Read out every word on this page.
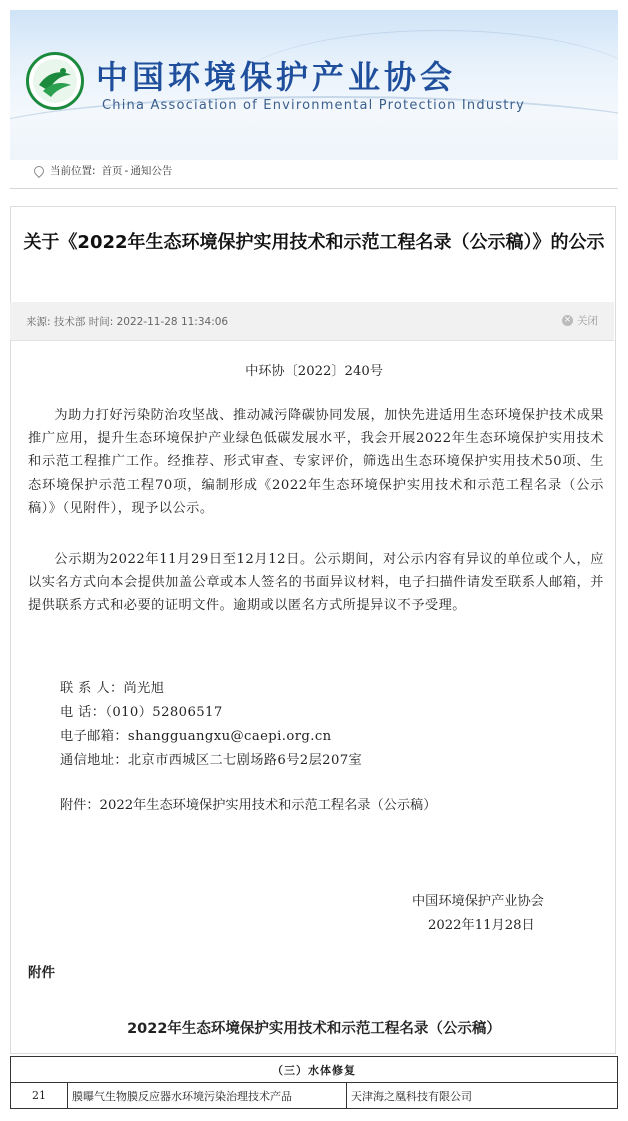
中国环境保护产业协会
China Association of Environmental Protection Industry
当前位置: 首页 - 通知公告
关于《2022年生态环境保护实用技术和示范工程名录（公示稿）》的公示
来源: 技术部 时间: 2022-11-28 11:34:06	× 关闭
中环协〔2022〕240号

为助力打好污染防治攻坚战、推动减污降碳协同发展，加快先进适用生态环境保护技术成果推广应用，提升生态环境保护产业绿色低碳发展水平，我会开展2022年生态环境保护实用技术和示范工程推广工作。经推荐、形式审查、专家评价，筛选出生态环境保护实用技术50项、生态环境保护示范工程70项，编制形成《2022年生态环境保护实用技术和示范工程名录（公示稿）》（见附件），现予以公示。

公示期为2022年11月29日至12月12日。公示期间，对公示内容有异议的单位或个人，应以实名方式向本会提供加盖公章或本人签名的书面异议材料，电子扫描件请发至联系人邮箱，并提供联系方式和必要的证明文件。逾期或以匿名方式所提异议不予受理。

联 系 人：尚光旭
电 话：（010）52806517
电子邮箱：shangguangxu@caepi.org.cn
通信地址：北京市西城区二七剧场路6号2层207室
附件：2022年生态环境保护实用技术和示范工程名录（公示稿）
中国环境保护产业协会
2022年11月28日
附件
2022年生态环境保护实用技术和示范工程名录（公示稿）
（三）水体修复
21	膜曝气生物膜反应器水环境污染治理技术产品	天津海之凰科技有限公司
